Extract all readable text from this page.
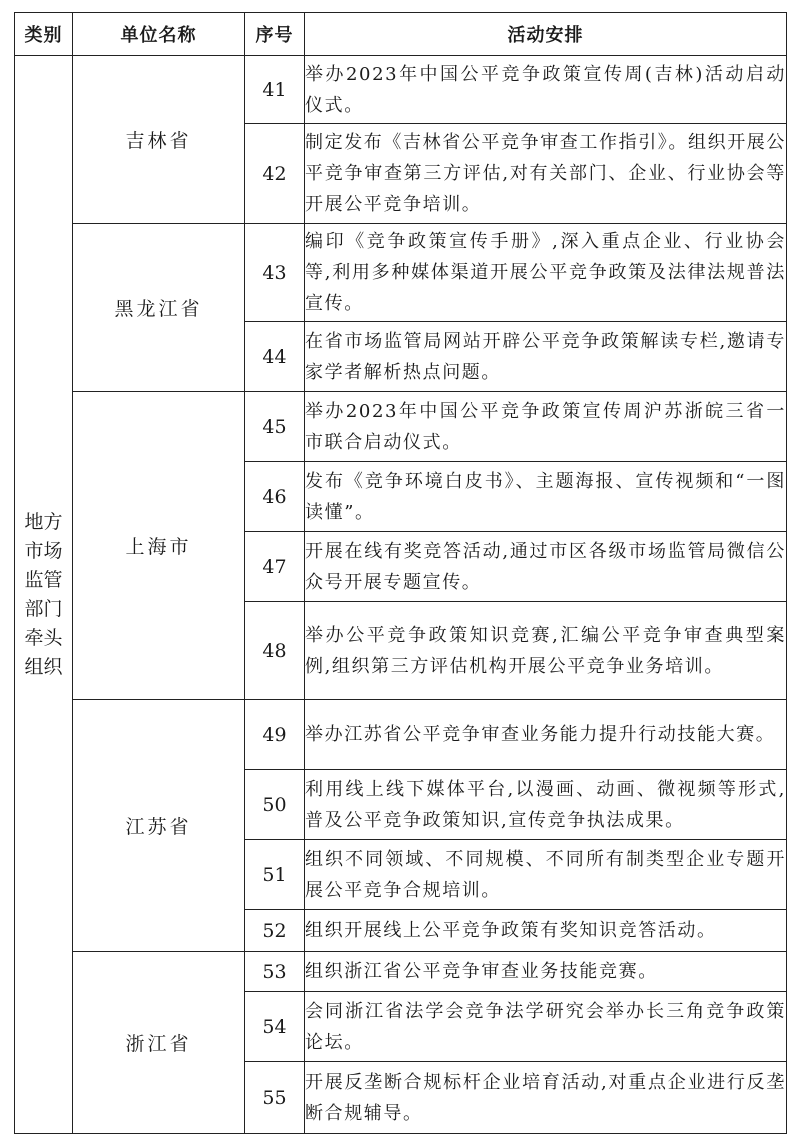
类别	单位名称	序号	活动安排
地方市场监管部门牵头组织	吉林省	41	举办2023年中国公平竞争政策宣传周(吉林)活动启动仪式。
		42	制定发布《吉林省公平竞争审查工作指引》。组织开展公平竞争审查第三方评估,对有关部门、企业、行业协会等开展公平竞争培训。
	黑龙江省	43	编印《竞争政策宣传手册》,深入重点企业、行业协会等,利用多种媒体渠道开展公平竞争政策及法律法规普法宣传。
		44	在省市场监管局网站开辟公平竞争政策解读专栏,邀请专家学者解析热点问题。
	上海市	45	举办2023年中国公平竞争政策宣传周沪苏浙皖三省一市联合启动仪式。
		46	发布《竞争环境白皮书》、主题海报、宣传视频和“一图读懂”。
		47	开展在线有奖竞答活动,通过市区各级市场监管局微信公众号开展专题宣传。
		48	举办公平竞争政策知识竞赛,汇编公平竞争审查典型案例,组织第三方评估机构开展公平竞争业务培训。
	江苏省	49	举办江苏省公平竞争审查业务能力提升行动技能大赛。
		50	利用线上线下媒体平台,以漫画、动画、微视频等形式,普及公平竞争政策知识,宣传竞争执法成果。
		51	组织不同领域、不同规模、不同所有制类型企业专题开展公平竞争合规培训。
		52	组织开展线上公平竞争政策有奖知识竞答活动。
	浙江省	53	组织浙江省公平竞争审查业务技能竞赛。
		54	会同浙江省法学会竞争法学研究会举办长三角竞争政策论坛。
		55	开展反垄断合规标杆企业培育活动,对重点企业进行反垄断合规辅导。
